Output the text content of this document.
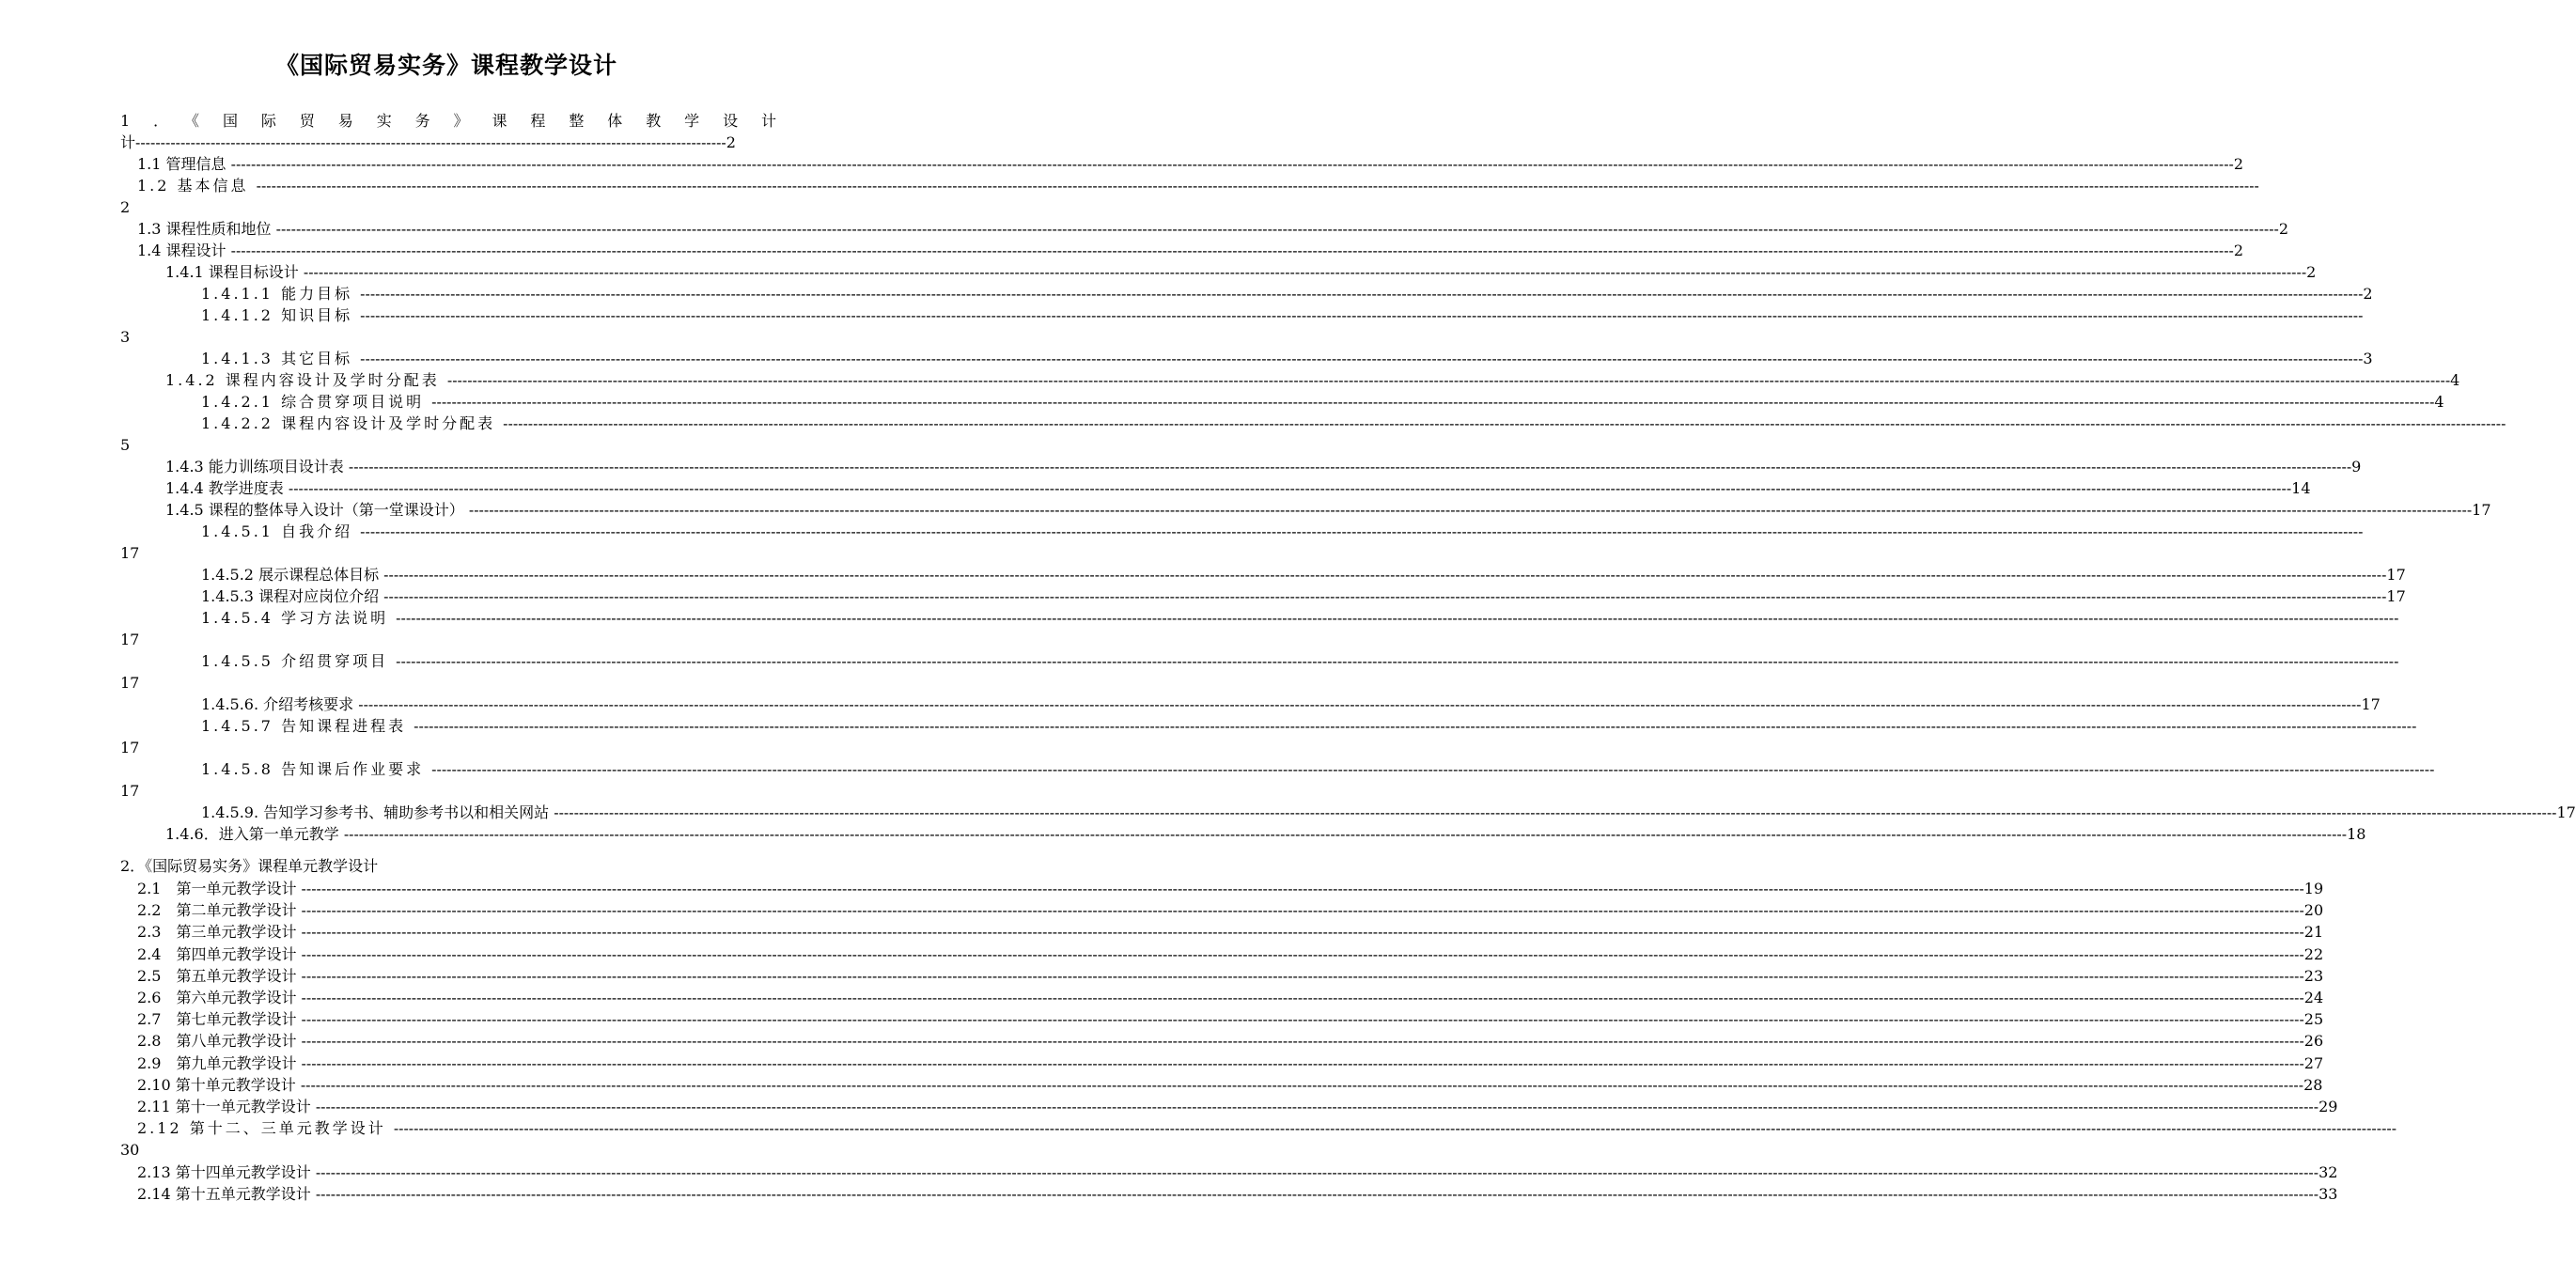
《国际贸易实务》课程教学设计
1．《国际贸易实务》课程整体教学设计
计 ---------------------------------------------------------------------------------------------------------------------- 2
1.1 管理信息 ---------------------------------------------------------------------------------------------------------------------------------------------------------------------------------------------------------------------------------------------------------------------------------------------------------------------------------------------------------------------------------------------------------------- 2
1.2 基本信息 ----------------------------------------------------------------------------------------------------------------------------------------------------------------------------------------------------------------------------------------------------------------------------------------------------------------------------------------------------------------------------------------------------------------
2
1.3 课程性质和地位 ---------------------------------------------------------------------------------------------------------------------------------------------------------------------------------------------------------------------------------------------------------------------------------------------------------------------------------------------------------------------------------------------------------------- 2
1.4 课程设计 ---------------------------------------------------------------------------------------------------------------------------------------------------------------------------------------------------------------------------------------------------------------------------------------------------------------------------------------------------------------------------------------------------------------- 2
1.4.1 课程目标设计 ---------------------------------------------------------------------------------------------------------------------------------------------------------------------------------------------------------------------------------------------------------------------------------------------------------------------------------------------------------------------------------------------------------------- 2
1.4.1.1 能力目标 ---------------------------------------------------------------------------------------------------------------------------------------------------------------------------------------------------------------------------------------------------------------------------------------------------------------------------------------------------------------------------------------------------------------- 2
1.4.1.2 知识目标 ----------------------------------------------------------------------------------------------------------------------------------------------------------------------------------------------------------------------------------------------------------------------------------------------------------------------------------------------------------------------------------------------------------------
3
1.4.1.3 其它目标 ---------------------------------------------------------------------------------------------------------------------------------------------------------------------------------------------------------------------------------------------------------------------------------------------------------------------------------------------------------------------------------------------------------------- 3
1.4.2 课程内容设计及学时分配表 ---------------------------------------------------------------------------------------------------------------------------------------------------------------------------------------------------------------------------------------------------------------------------------------------------------------------------------------------------------------------------------------------------------------- 4
1.4.2.1 综合贯穿项目说明 ---------------------------------------------------------------------------------------------------------------------------------------------------------------------------------------------------------------------------------------------------------------------------------------------------------------------------------------------------------------------------------------------------------------- 4
1.4.2.2 课程内容设计及学时分配表 ----------------------------------------------------------------------------------------------------------------------------------------------------------------------------------------------------------------------------------------------------------------------------------------------------------------------------------------------------------------------------------------------------------------
5
1.4.3 能力训练项目设计表 ---------------------------------------------------------------------------------------------------------------------------------------------------------------------------------------------------------------------------------------------------------------------------------------------------------------------------------------------------------------------------------------------------------------- 9
1.4.4 教学进度表 ---------------------------------------------------------------------------------------------------------------------------------------------------------------------------------------------------------------------------------------------------------------------------------------------------------------------------------------------------------------------------------------------------------------- 14
1.4.5 课程的整体导入设计（第一堂课设计） ---------------------------------------------------------------------------------------------------------------------------------------------------------------------------------------------------------------------------------------------------------------------------------------------------------------------------------------------------------------------------------------------------------------- 17
1.4.5.1 自我介绍 ----------------------------------------------------------------------------------------------------------------------------------------------------------------------------------------------------------------------------------------------------------------------------------------------------------------------------------------------------------------------------------------------------------------
17
1.4.5.2 展示课程总体目标 ---------------------------------------------------------------------------------------------------------------------------------------------------------------------------------------------------------------------------------------------------------------------------------------------------------------------------------------------------------------------------------------------------------------- 17
1.4.5.3 课程对应岗位介绍 ---------------------------------------------------------------------------------------------------------------------------------------------------------------------------------------------------------------------------------------------------------------------------------------------------------------------------------------------------------------------------------------------------------------- 17
1.4.5.4 学习方法说明 ----------------------------------------------------------------------------------------------------------------------------------------------------------------------------------------------------------------------------------------------------------------------------------------------------------------------------------------------------------------------------------------------------------------
17
1.4.5.5 介绍贯穿项目 ----------------------------------------------------------------------------------------------------------------------------------------------------------------------------------------------------------------------------------------------------------------------------------------------------------------------------------------------------------------------------------------------------------------
17
1.4.5.6. 介绍考核要求 ---------------------------------------------------------------------------------------------------------------------------------------------------------------------------------------------------------------------------------------------------------------------------------------------------------------------------------------------------------------------------------------------------------------- 17
1.4.5.7 告知课程进程表 ----------------------------------------------------------------------------------------------------------------------------------------------------------------------------------------------------------------------------------------------------------------------------------------------------------------------------------------------------------------------------------------------------------------
17
1.4.5.8 告知课后作业要求 ----------------------------------------------------------------------------------------------------------------------------------------------------------------------------------------------------------------------------------------------------------------------------------------------------------------------------------------------------------------------------------------------------------------
17
1.4.5.9. 告知学习参考书、辅助参考书以和相关网站 ---------------------------------------------------------------------------------------------------------------------------------------------------------------------------------------------------------------------------------------------------------------------------------------------------------------------------------------------------------------------------------------------------------------- 17
1.4.6．进入第一单元教学 ---------------------------------------------------------------------------------------------------------------------------------------------------------------------------------------------------------------------------------------------------------------------------------------------------------------------------------------------------------------------------------------------------------------- 18
2．《国际贸易实务》课程单元教学设计
2.1　第一单元教学设计 ---------------------------------------------------------------------------------------------------------------------------------------------------------------------------------------------------------------------------------------------------------------------------------------------------------------------------------------------------------------------------------------------------------------- 19
2.2　第二单元教学设计 ---------------------------------------------------------------------------------------------------------------------------------------------------------------------------------------------------------------------------------------------------------------------------------------------------------------------------------------------------------------------------------------------------------------- 20
2.3　第三单元教学设计 ---------------------------------------------------------------------------------------------------------------------------------------------------------------------------------------------------------------------------------------------------------------------------------------------------------------------------------------------------------------------------------------------------------------- 21
2.4　第四单元教学设计 ---------------------------------------------------------------------------------------------------------------------------------------------------------------------------------------------------------------------------------------------------------------------------------------------------------------------------------------------------------------------------------------------------------------- 22
2.5　第五单元教学设计 ---------------------------------------------------------------------------------------------------------------------------------------------------------------------------------------------------------------------------------------------------------------------------------------------------------------------------------------------------------------------------------------------------------------- 23
2.6　第六单元教学设计 ---------------------------------------------------------------------------------------------------------------------------------------------------------------------------------------------------------------------------------------------------------------------------------------------------------------------------------------------------------------------------------------------------------------- 24
2.7　第七单元教学设计 ---------------------------------------------------------------------------------------------------------------------------------------------------------------------------------------------------------------------------------------------------------------------------------------------------------------------------------------------------------------------------------------------------------------- 25
2.8　第八单元教学设计 ---------------------------------------------------------------------------------------------------------------------------------------------------------------------------------------------------------------------------------------------------------------------------------------------------------------------------------------------------------------------------------------------------------------- 26
2.9　第九单元教学设计 ---------------------------------------------------------------------------------------------------------------------------------------------------------------------------------------------------------------------------------------------------------------------------------------------------------------------------------------------------------------------------------------------------------------- 27
2.10 第十单元教学设计 ---------------------------------------------------------------------------------------------------------------------------------------------------------------------------------------------------------------------------------------------------------------------------------------------------------------------------------------------------------------------------------------------------------------- 28
2.11 第十一单元教学设计 ---------------------------------------------------------------------------------------------------------------------------------------------------------------------------------------------------------------------------------------------------------------------------------------------------------------------------------------------------------------------------------------------------------------- 29
2.12 第十二、三单元教学设计 ----------------------------------------------------------------------------------------------------------------------------------------------------------------------------------------------------------------------------------------------------------------------------------------------------------------------------------------------------------------------------------------------------------------
30
2.13 第十四单元教学设计 ---------------------------------------------------------------------------------------------------------------------------------------------------------------------------------------------------------------------------------------------------------------------------------------------------------------------------------------------------------------------------------------------------------------- 32
2.14 第十五单元教学设计 ---------------------------------------------------------------------------------------------------------------------------------------------------------------------------------------------------------------------------------------------------------------------------------------------------------------------------------------------------------------------------------------------------------------- 33
